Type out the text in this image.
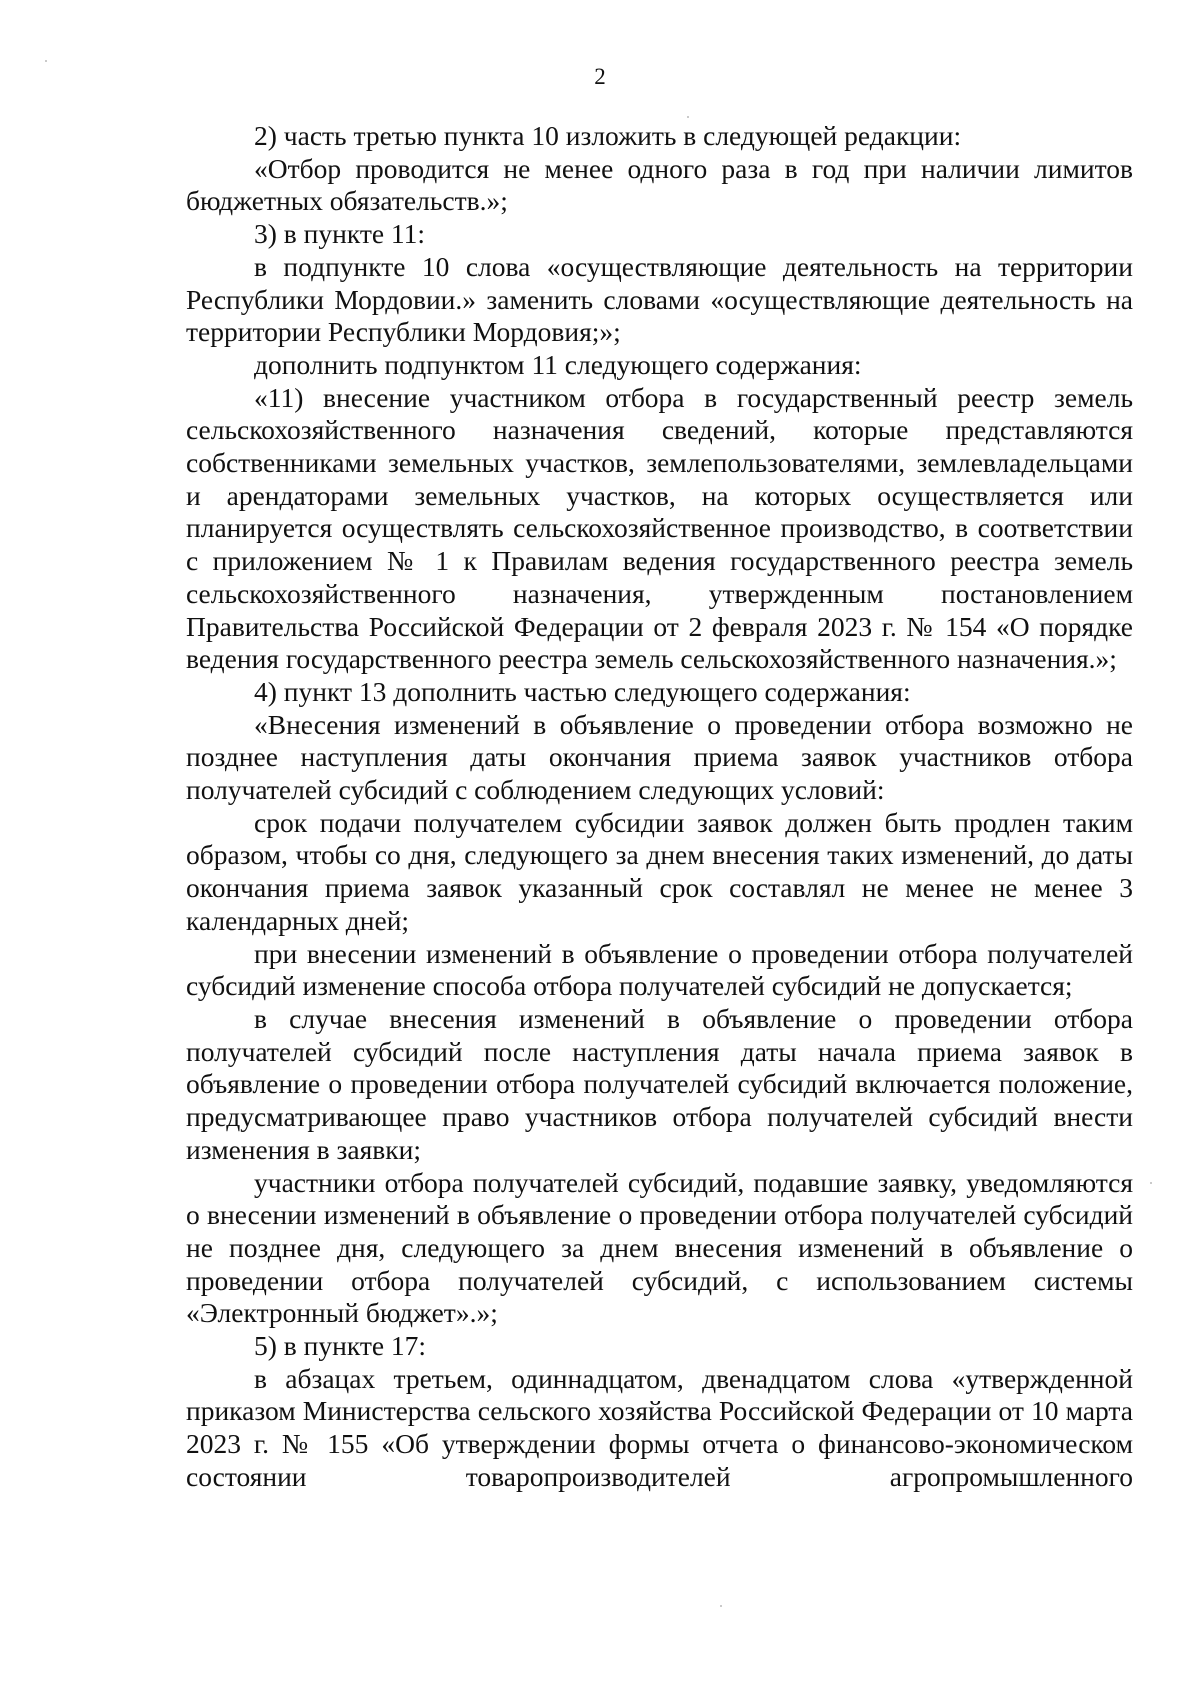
2

2) часть третью пункта 10 изложить в следующей редакции:

«Отбор проводится не менее одного раза в год при наличии лимитов бюджетных обязательств.»;

3) в пункте 11:

в подпункте 10 слова «осуществляющие деятельность на территории Республики Мордовии.» заменить словами «осуществляющие деятельность на территории Республики Мордовия;»;

дополнить подпунктом 11 следующего содержания:

«11) внесение участником отбора в государственный реестр земель сельскохозяйственного назначения сведений, которые представляются собственниками земельных участков, землепользователями, землевладельцами и арендаторами земельных участков, на которых осуществляется или планируется осуществлять сельскохозяйственное производство, в соответствии с приложением № 1 к Правилам ведения государственного реестра земель сельскохозяйственного назначения, утвержденным постановлением Правительства Российской Федерации от 2 февраля 2023 г. № 154 «О порядке ведения государственного реестра земель сельскохозяйственного назначения.»;

4) пункт 13 дополнить частью следующего содержания:

«Внесения изменений в объявление о проведении отбора возможно не позднее наступления даты окончания приема заявок участников отбора получателей субсидий с соблюдением следующих условий:

срок подачи получателем субсидии заявок должен быть продлен таким образом, чтобы со дня, следующего за днем внесения таких изменений, до даты окончания приема заявок указанный срок составлял не менее не менее 3 календарных дней;

при внесении изменений в объявление о проведении отбора получателей субсидий изменение способа отбора получателей субсидий не допускается;

в случае внесения изменений в объявление о проведении отбора получателей субсидий после наступления даты начала приема заявок в объявление о проведении отбора получателей субсидий включается положение, предусматривающее право участников отбора получателей субсидий внести изменения в заявки;

участники отбора получателей субсидий, подавшие заявку, уведомляются о внесении изменений в объявление о проведении отбора получателей субсидий не позднее дня, следующего за днем внесения изменений в объявление о проведении отбора получателей субсидий, с использованием системы «Электронный бюджет».»;

5) в пункте 17:

в абзацах третьем, одиннадцатом, двенадцатом слова «утвержденной приказом Министерства сельского хозяйства Российской Федерации от 10 марта 2023 г. № 155 «Об утверждении формы отчета о финансово-экономическом состоянии товаропроизводителей агропромышленного
